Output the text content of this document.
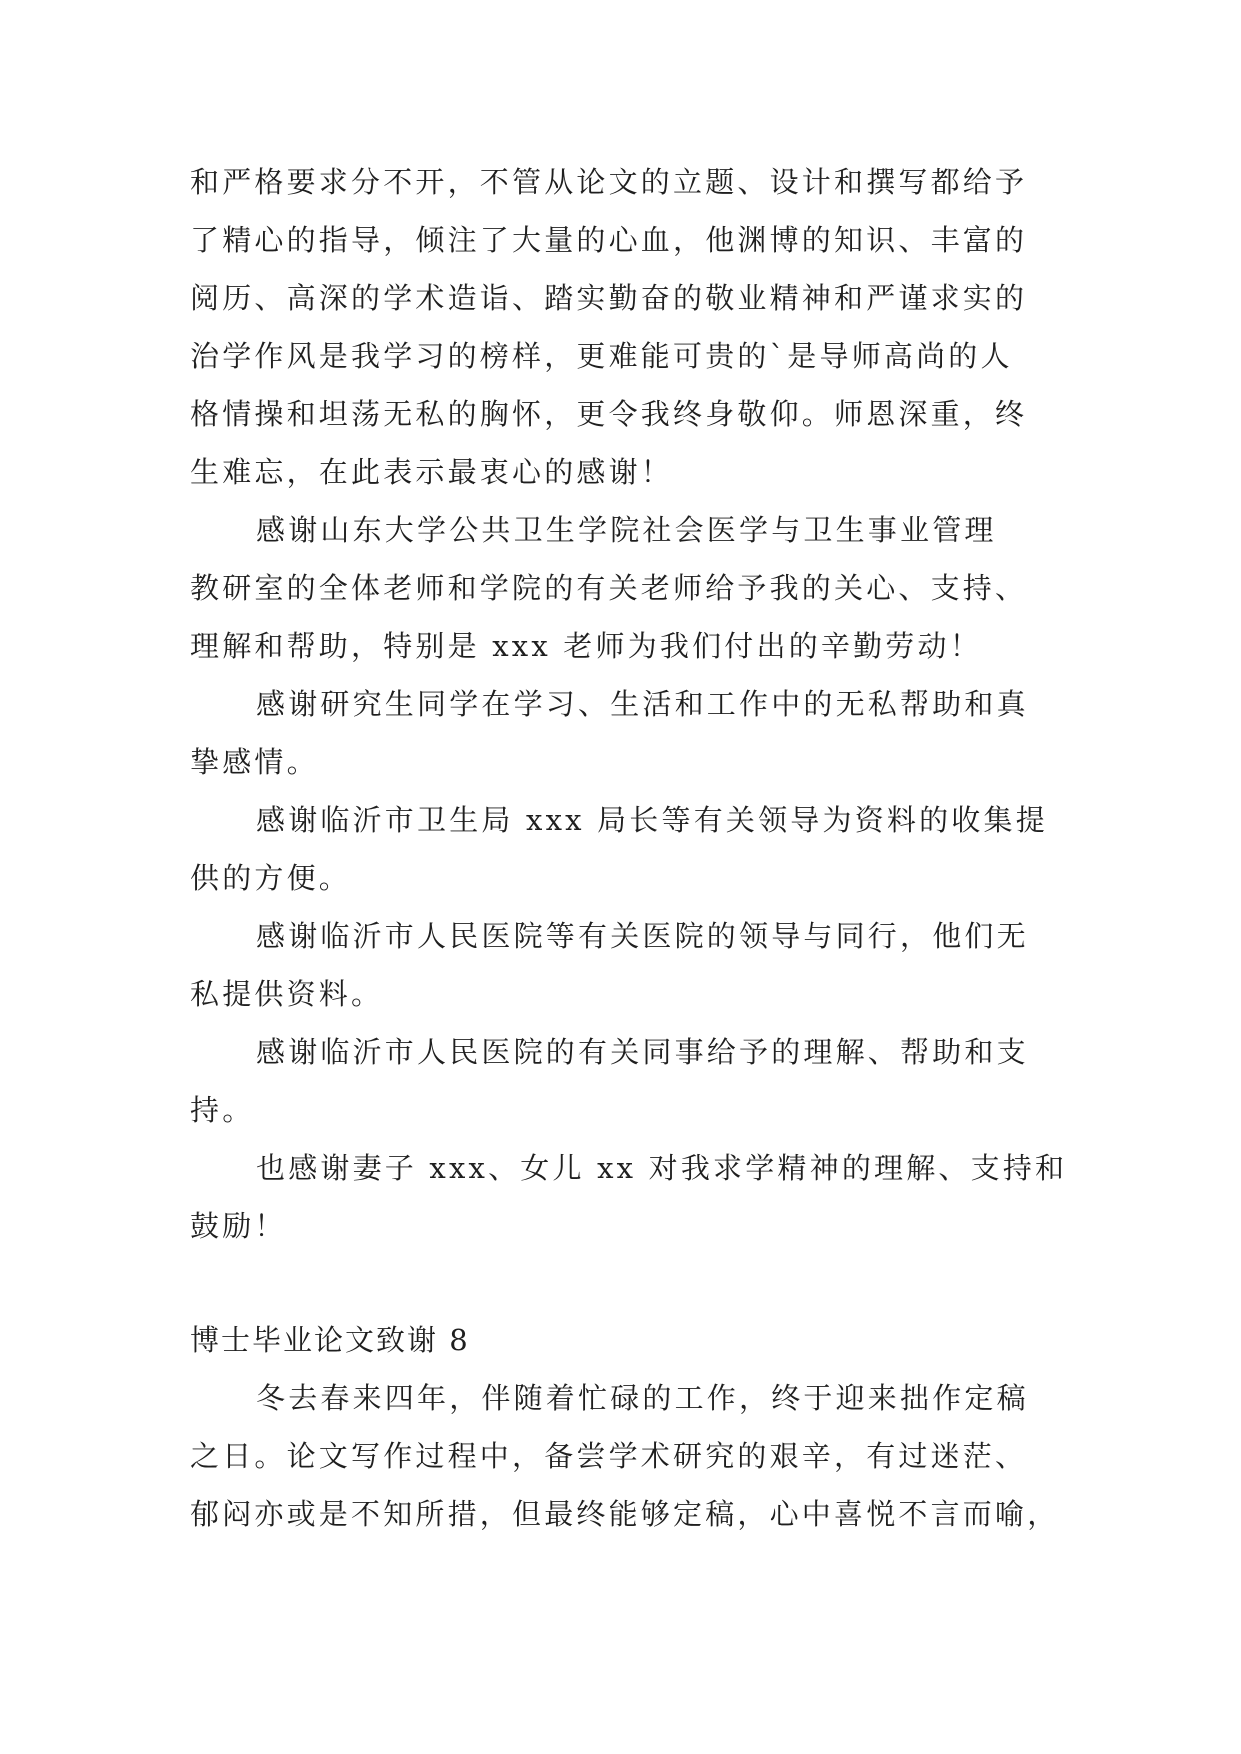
和严格要求分不开，不管从论文的立题、设计和撰写都给予
了精心的指导，倾注了大量的心血，他渊博的知识、丰富的
阅历、高深的学术造诣、踏实勤奋的敬业精神和严谨求实的
治学作风是我学习的榜样，更难能可贵的`是导师高尚的人
格情操和坦荡无私的胸怀，更令我终身敬仰。师恩深重，终
生难忘，在此表示最衷心的感谢！
感谢山东大学公共卫生学院社会医学与卫生事业管理
教研室的全体老师和学院的有关老师给予我的关心、支持、
理解和帮助，特别是 xxx 老师为我们付出的辛勤劳动！
感谢研究生同学在学习、生活和工作中的无私帮助和真
挚感情。
感谢临沂市卫生局 xxx 局长等有关领导为资料的收集提
供的方便。
感谢临沂市人民医院等有关医院的领导与同行，他们无
私提供资料。
感谢临沂市人民医院的有关同事给予的理解、帮助和支
持。
也感谢妻子 xxx、女儿 xx 对我求学精神的理解、支持和
鼓励！
博士毕业论文致谢 8
冬去春来四年，伴随着忙碌的工作，终于迎来拙作定稿
之日。论文写作过程中，备尝学术研究的艰辛，有过迷茫、
郁闷亦或是不知所措，但最终能够定稿，心中喜悦不言而喻，
